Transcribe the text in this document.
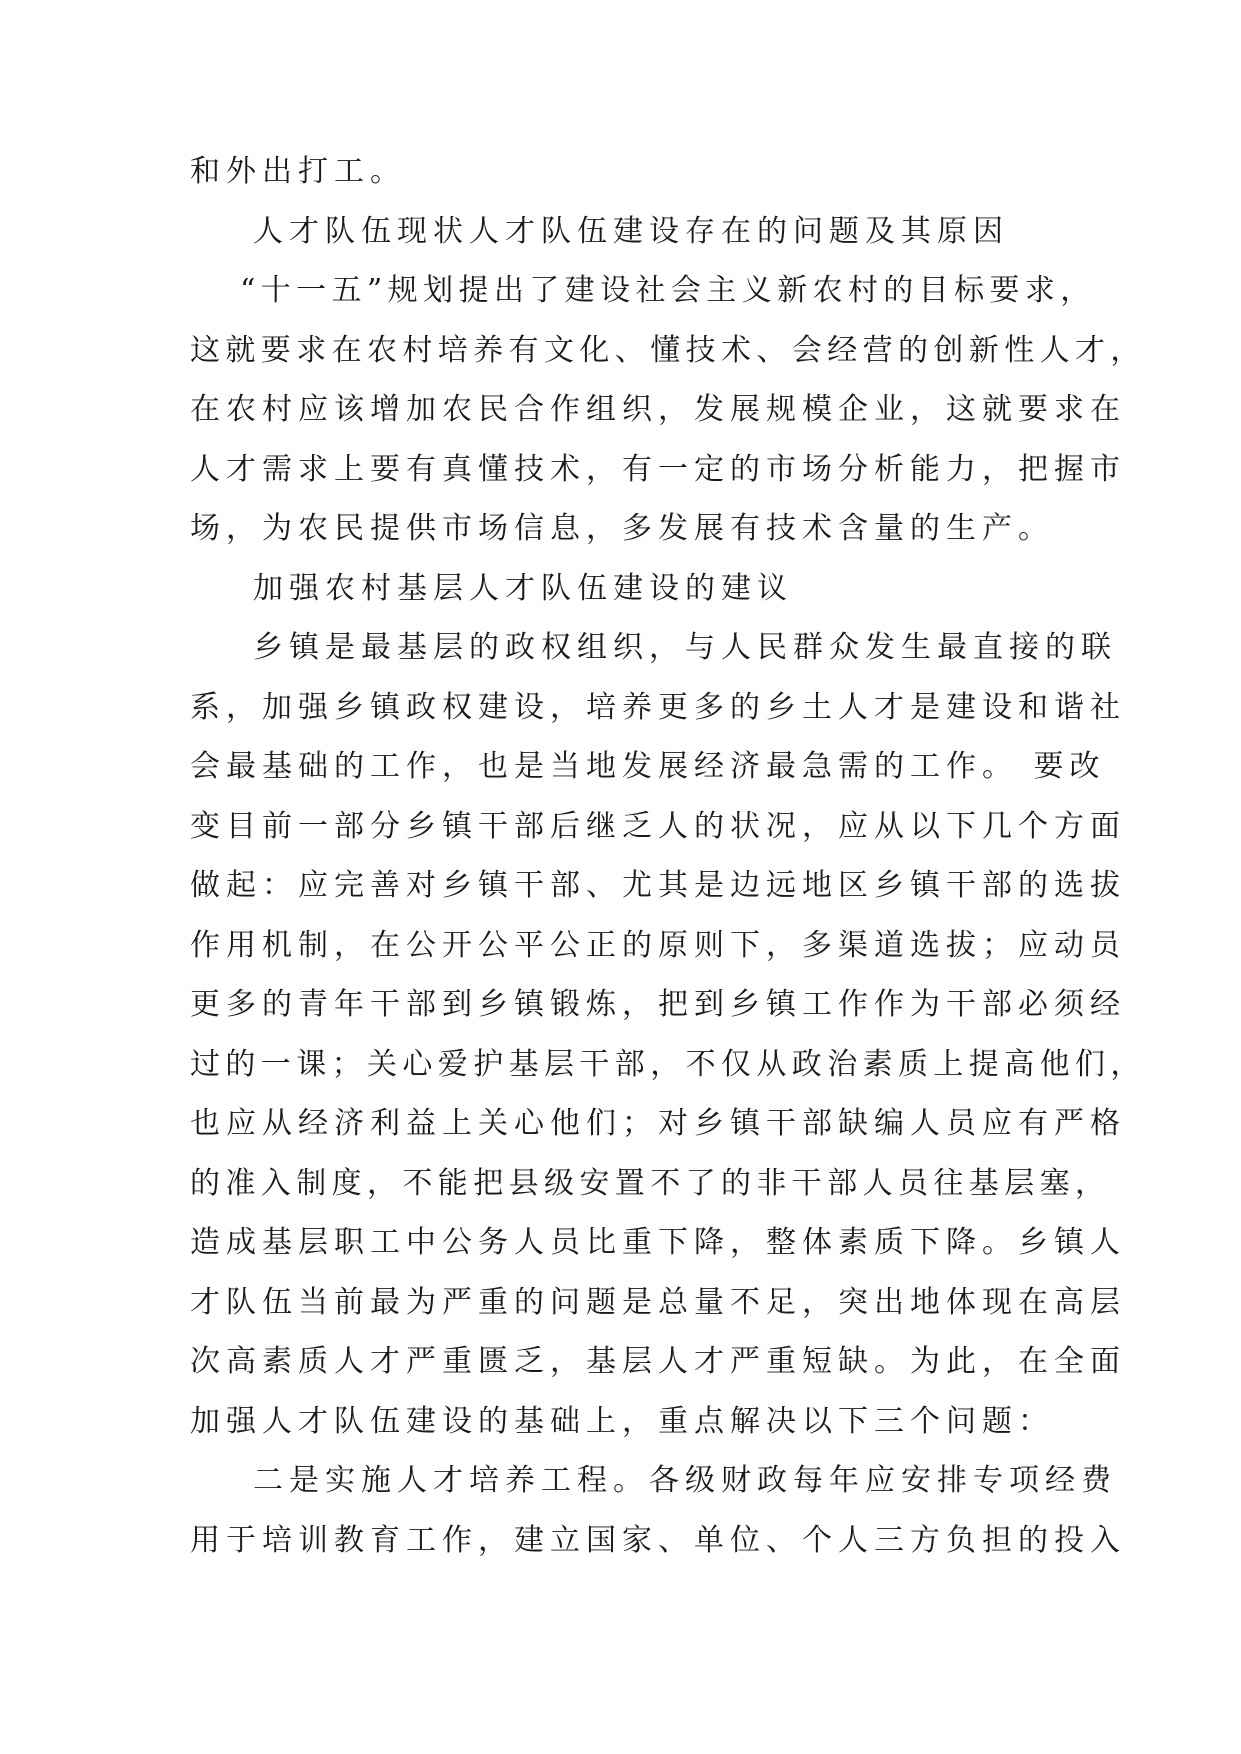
和外出打工。
人才队伍现状人才队伍建设存在的问题及其原因
“十一五”规划提出了建设社会主义新农村的目标要求，
这就要求在农村培养有文化、懂技术、会经营的创新性人才，
在农村应该增加农民合作组织，发展规模企业，这就要求在
人才需求上要有真懂技术，有一定的市场分析能力，把握市
场，为农民提供市场信息，多发展有技术含量的生产。
加强农村基层人才队伍建设的建议
乡镇是最基层的政权组织，与人民群众发生最直接的联
系，加强乡镇政权建设，培养更多的乡土人才是建设和谐社
会最基础的工作，也是当地发展经济最急需的工作。 要改
变目前一部分乡镇干部后继乏人的状况，应从以下几个方面
做起：应完善对乡镇干部、尤其是边远地区乡镇干部的选拔
作用机制，在公开公平公正的原则下，多渠道选拔；应动员
更多的青年干部到乡镇锻炼，把到乡镇工作作为干部必须经
过的一课；关心爱护基层干部，不仅从政治素质上提高他们，
也应从经济利益上关心他们；对乡镇干部缺编人员应有严格
的准入制度，不能把县级安置不了的非干部人员往基层塞，
造成基层职工中公务人员比重下降，整体素质下降。乡镇人
才队伍当前最为严重的问题是总量不足，突出地体现在高层
次高素质人才严重匮乏，基层人才严重短缺。为此，在全面
加强人才队伍建设的基础上，重点解决以下三个问题：
二是实施人才培养工程。各级财政每年应安排专项经费
用于培训教育工作，建立国家、单位、个人三方负担的投入
